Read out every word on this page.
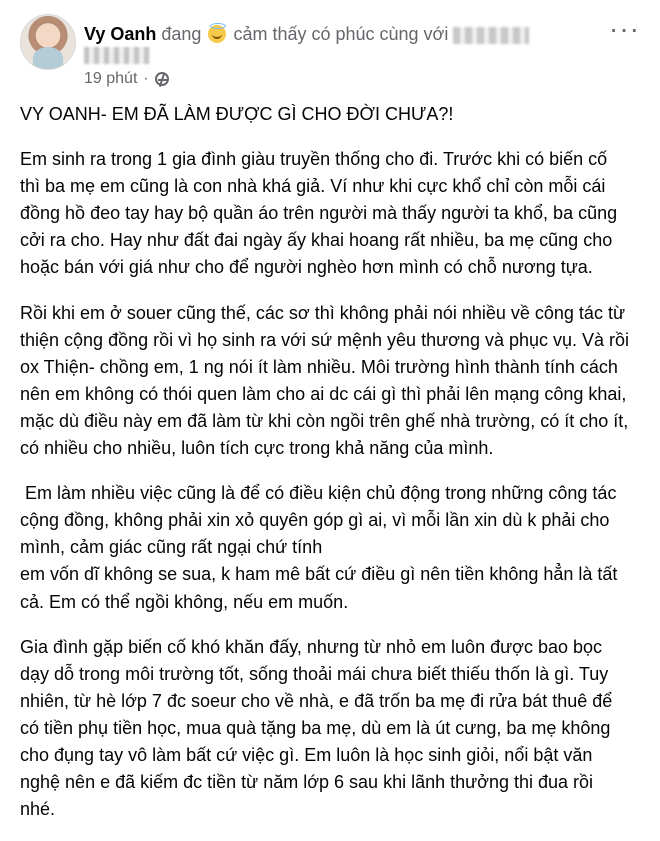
Vy Oanh đang cảm thấy có phúc cùng với	···
19 phút ·
VY OANH- EM ĐÃ LÀM ĐƯỢC GÌ CHO ĐỜI CHƯA?!
Em sinh ra trong 1 gia đình giàu truyền thống cho đi. Trước khi có biến cố thì ba mẹ em cũng là con nhà khá giả. Ví như khi cực khổ chỉ còn mỗi cái đồng hồ đeo tay hay bộ quần áo trên người mà thấy người ta khổ, ba cũng cởi ra cho. Hay như đất đai ngày ấy khai hoang rất nhiều, ba mẹ cũng cho hoặc bán với giá như cho để người nghèo hơn mình có chỗ nương tựa.
Rồi khi em ở souer cũng thế, các sơ thì không phải nói nhiều về công tác từ thiện cộng đồng rồi vì họ sinh ra với sứ mệnh yêu thương và phục vụ. Và rồi ox Thiện- chồng em, 1 ng nói ít làm nhiều. Môi trường hình thành tính cách nên em không có thói quen làm cho ai dc cái gì thì phải lên mạng công khai, mặc dù điều này em đã làm từ khi còn ngồi trên ghế nhà trường, có ít cho ít, có nhiều cho nhiều, luôn tích cực trong khả năng của mình.
Em làm nhiều việc cũng là để có điều kiện chủ động trong những công tác cộng đồng, không phải xin xỏ quyên góp gì ai, vì mỗi lần xin dù k phải cho mình, cảm giác cũng rất ngại chứ tính
em vốn dĩ không se sua, k ham mê bất cứ điều gì nên tiền không hẳn là tất cả. Em có thể ngồi không, nếu em muốn.
Gia đình gặp biến cố khó khăn đấy, nhưng từ nhỏ em luôn được bao bọc dạy dỗ trong môi trường tốt, sống thoải mái chưa biết thiếu thốn là gì. Tuy nhiên, từ hè lớp 7 đc soeur cho về nhà, e đã trốn ba mẹ đi rửa bát thuê để có tiền phụ tiền học, mua quà tặng ba mẹ, dù em là út cưng, ba mẹ không cho đụng tay vô làm bất cứ việc gì. Em luôn là học sinh giỏi, nổi bật văn nghệ nên e đã kiếm đc tiền từ năm lớp 6 sau khi lãnh thưởng thi đua rồi nhé.
